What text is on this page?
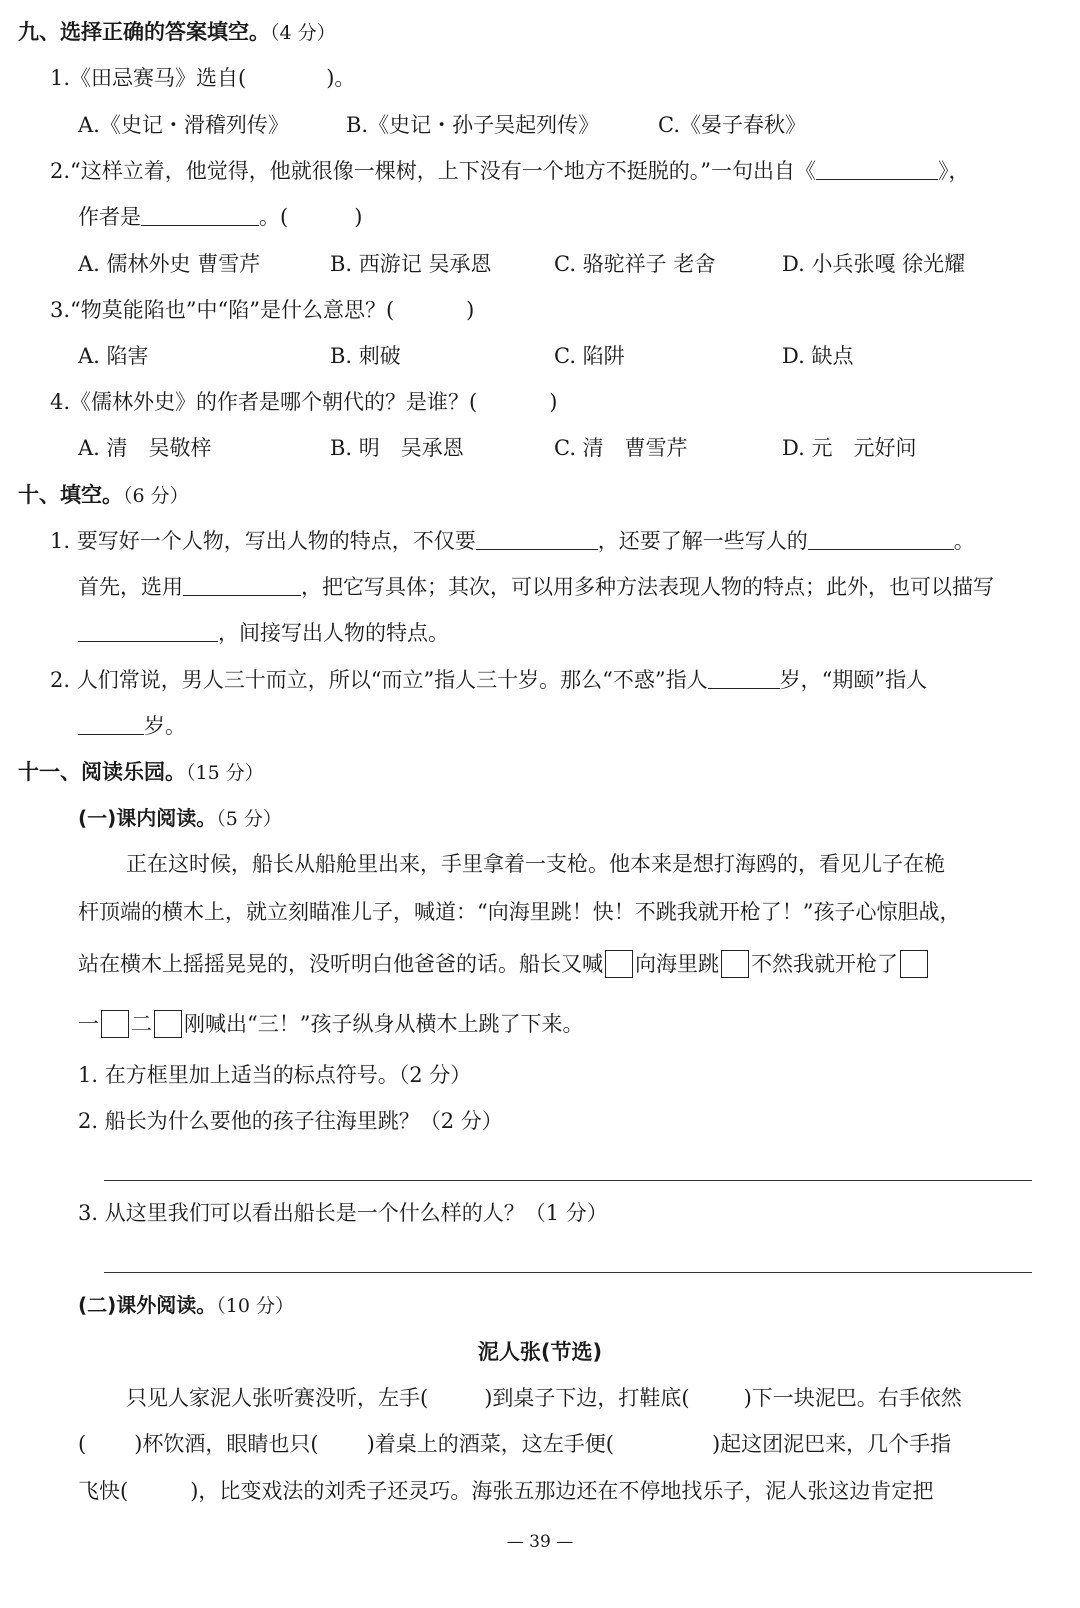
九、选择正确的答案填空。（4 分）
1.《田忌赛马》选自(	)。
A.《史记・滑稽列传》	B.《史记・孙子吴起列传》	C.《晏子春秋》
2.“这样立着，他觉得，他就很像一棵树，上下没有一个地方不挺脱的。”一句出自《	》，
作者是	。(	)
A. 儒林外史 曹雪芹	B. 西游记 吴承恩	C. 骆驼祥子 老舍	D. 小兵张嘎 徐光耀
3.“物莫能陷也”中“陷”是什么意思？(	)
A. 陷害	B. 刺破	C. 陷阱	D. 缺点
4.《儒林外史》的作者是哪个朝代的？是谁？(	)
A. 清　吴敬梓	B. 明　吴承恩	C. 清　曹雪芹	D. 元　元好问
十、填空。（6 分）
1. 要写好一个人物，写出人物的特点，不仅要	，还要了解一些写人的	。
首先，选用	，把它写具体；其次，可以用多种方法表现人物的特点；此外，也可以描写
，间接写出人物的特点。
2. 人们常说，男人三十而立，所以“而立”指人三十岁。那么“不惑”指人	岁，“期颐”指人
岁。
十一、阅读乐园。（15 分）
(一)课内阅读。（5 分）
正在这时候，船长从船舱里出来，手里拿着一支枪。他本来是想打海鸥的，看见儿子在桅
杆顶端的横木上，就立刻瞄准儿子，喊道：“向海里跳！快！不跳我就开枪了！”孩子心惊胆战，
站在横木上摇摇晃晃的，没听明白他爸爸的话。船长又喊 向海里跳 不然我就开枪了
一 二 刚喊出“三！”孩子纵身从横木上跳了下来。
1. 在方框里加上适当的标点符号。（2 分）
2. 船长为什么要他的孩子往海里跳？（2 分）
3. 从这里我们可以看出船长是一个什么样的人？（1 分）
(二)课外阅读。（10 分）
泥人张(节选)
只见人家泥人张听赛没听，左手(	)到桌子下边，打鞋底(	)下一块泥巴。右手依然
( )杯饮酒，眼睛也只( )着桌上的酒菜，这左手便(	)起这团泥巴来，几个手指
飞快(	)，比变戏法的刘秃子还灵巧。海张五那边还在不停地找乐子，泥人张这边肯定把
— 39 —
